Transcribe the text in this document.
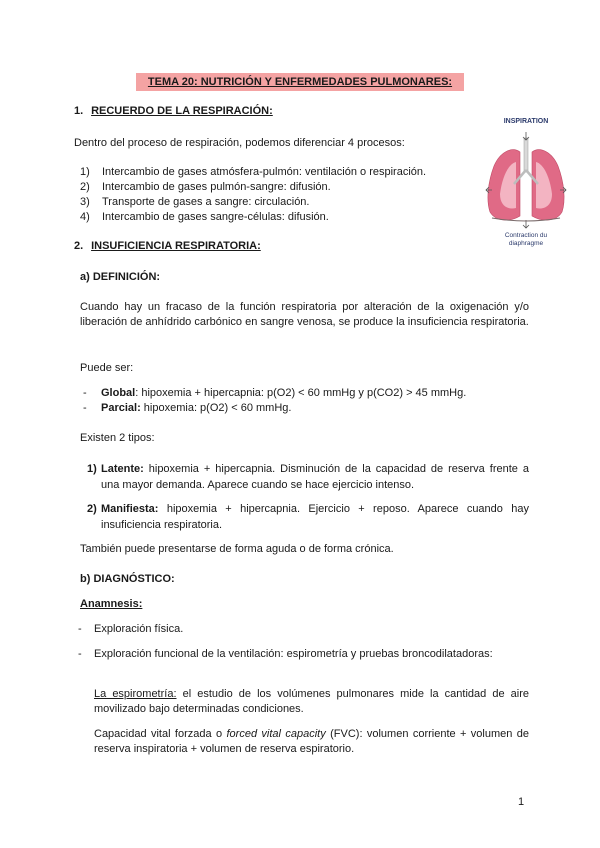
TEMA 20: NUTRICIÓN Y ENFERMEDADES PULMONARES:
1. RECUERDO DE LA RESPIRACIÓN:
Dentro del proceso de respiración, podemos diferenciar 4 procesos:
1) Intercambio de gases atmósfera-pulmón: ventilación o respiración.
2) Intercambio de gases pulmón-sangre: difusión.
3) Transporte de gases a sangre: circulación.
4) Intercambio de gases sangre-células: difusión.
INSPIRATION
Contraction du
diaphragme
2. INSUFICIENCIA RESPIRATORIA:
a) DEFINICIÓN:
Cuando hay un fracaso de la función respiratoria por alteración de la oxigenación y/o liberación de anhídrido carbónico en sangre venosa, se produce la insuficiencia respiratoria.
Puede ser:
- Global: hipoxemia + hipercapnia: p(O2) < 60 mmHg y p(CO2) > 45 mmHg.
- Parcial: hipoxemia: p(O2) < 60 mmHg.
Existen 2 tipos:
1) Latente: hipoxemia + hipercapnia. Disminución de la capacidad de reserva frente a una mayor demanda. Aparece cuando se hace ejercicio intenso.
2) Manifiesta: hipoxemia + hipercapnia. Ejercicio + reposo. Aparece cuando hay insuficiencia respiratoria.
También puede presentarse de forma aguda o de forma crónica.
b) DIAGNÓSTICO:
Anamnesis:
- Exploración física.
- Exploración funcional de la ventilación: espirometría y pruebas broncodilatadoras:
La espirometría: el estudio de los volúmenes pulmonares mide la cantidad de aire movilizado bajo determinadas condiciones.
Capacidad vital forzada o forced vital capacity (FVC): volumen corriente + volumen de reserva inspiratoria + volumen de reserva espiratorio.
1
